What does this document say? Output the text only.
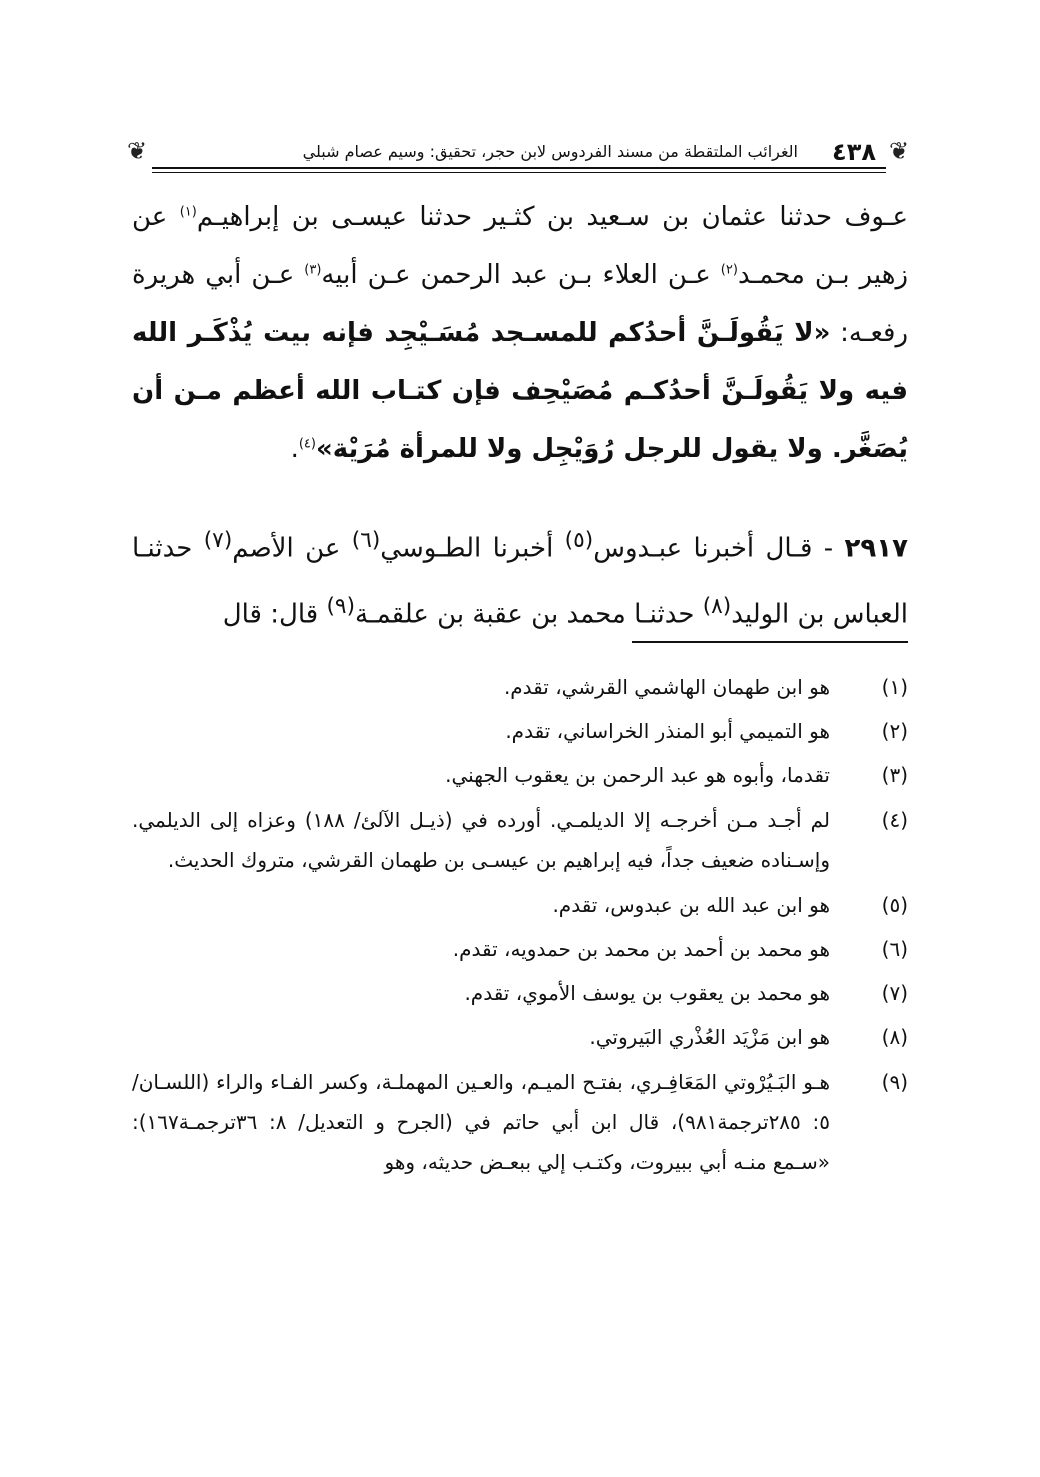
❦
٤٣٨
الغرائب الملتقطة من مسند الفردوس لابن حجر، تحقيق: وسيم عصام شبلي
❦
عـوف حدثنا عثمان بن سـعيد بن كثـير حدثنا عيسـى بن إبراهيـم$^{(١)}$ عن زهير بـن محمـد$^{(٢)}$ عـن العلاء بـن عبد الرحمن عـن أبيه$^{(٣)}$ عـن أبي هريرة رفعـه: «لا يَقُولَـنَّ أحدُكم للمسـجد مُسَـيْجِد فإنه بيت يُذْكَـر الله فيه ولا يَقُولَـنَّ أحدُكـم مُصَيْحِف فإن كتـاب الله أعظم مـن أن يُصَغَّر. ولا يقول للرجل رُوَيْجِل ولا للمرأة مُرَيْة»$^{(٤)}$.
٢٩١٧ - قـال أخبرنا عبـدوس$^{(٥)}$ أخبرنا الطـوسي$^{(٦)}$ عن الأصم$^{(٧)}$ حدثنـا العباس بن الوليد$^{(٨)}$ حدثنـا محمد بن عقبة بن علقمـة$^{(٩)}$ قال: قال
(١)
هو ابن طهمان الهاشمي القرشي، تقدم.
(٢)
هو التميمي أبو المنذر الخراساني، تقدم.
(٣)
تقدما، وأبوه هو عبد الرحمن بن يعقوب الجهني.
(٤)
لم أجـد مـن أخرجـه إلا الديلمـي. أورده في (ذيـل الآلئ/ ١٨٨) وعزاه إلى الديلمي. وإسـناده ضعيف جداً، فيه إبراهيم بن عيسـى بن طهمان القرشي، متروك الحديث.
(٥)
هو ابن عبد الله بن عبدوس، تقدم.
(٦)
هو محمد بن أحمد بن محمد بن حمدويه، تقدم.
(٧)
هو محمد بن يعقوب بن يوسف الأموي، تقدم.
(٨)
هو ابن مَزْيَد العُذْري البَيروتي.
(٩)
هـو البَـيُرْوتي المَعَافِـري، بفتـح الميـم، والعـين المهملـة، وكسر الفـاء والراء (اللسـان/ ٥: ٢٨٥ترجمة٩٨١)، قال ابن أبي حاتم في (الجرح و التعديل/ ٨: ٣٦ترجمـة١٦٧): «سـمع منـه أبي ببيروت، وكتـب إلي ببعـض حديثه، وهو
